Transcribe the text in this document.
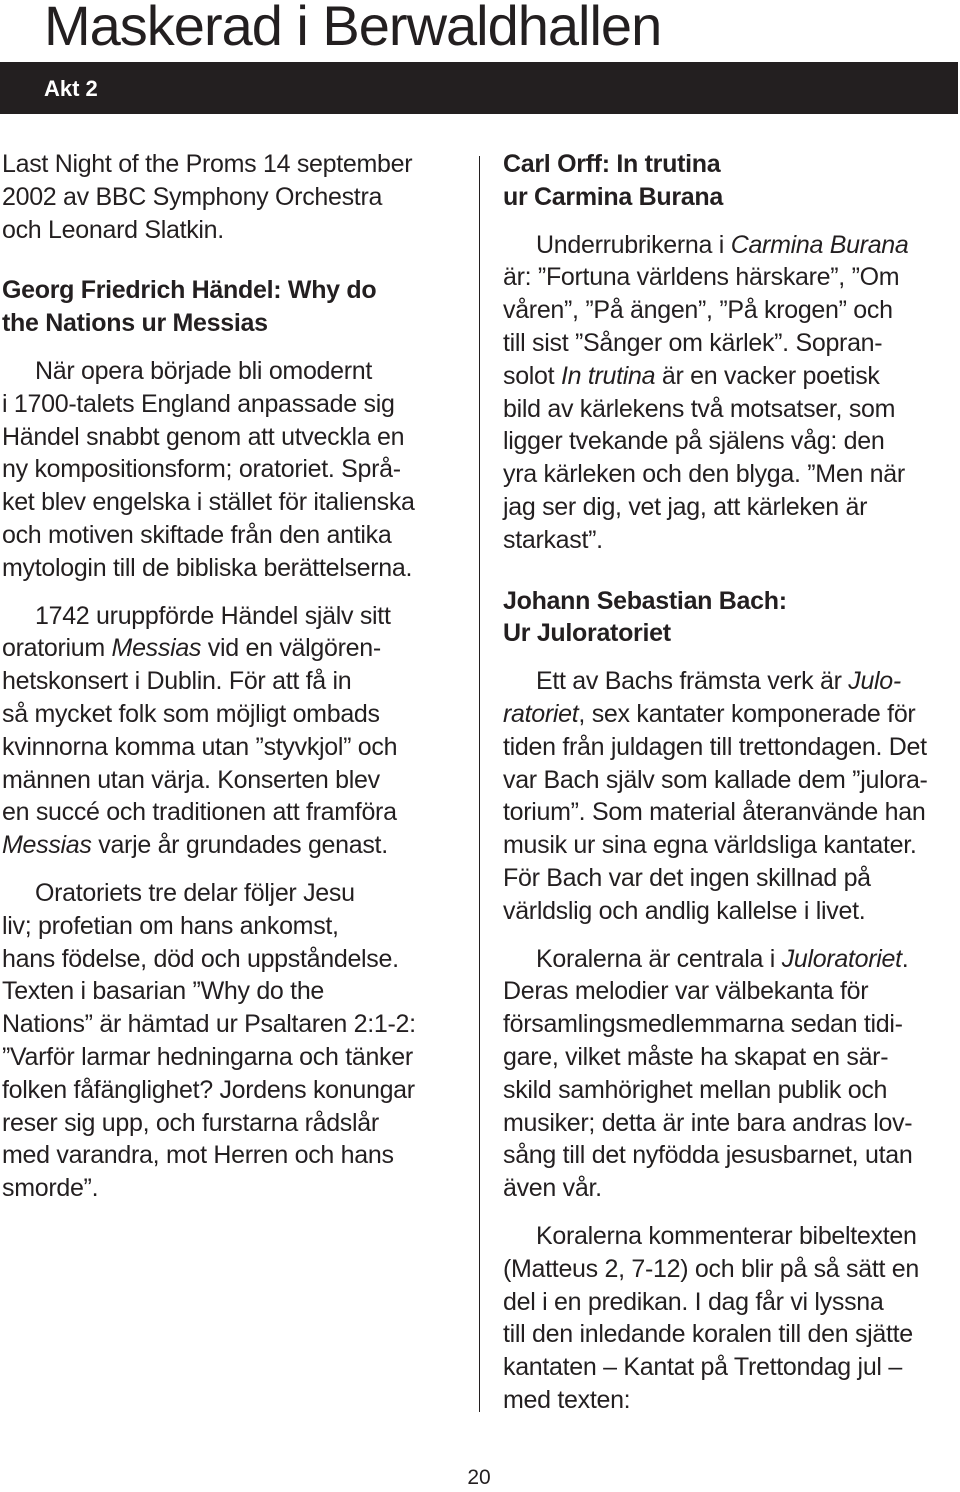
Maskerad i Berwaldhallen
Akt 2

Last Night of the Proms 14 september
2002 av BBC Symphony Orchestra
och Leonard Slatkin.

Georg Friedrich Händel: Why do
the Nations ur Messias

När opera började bli omodernt
i 1700-talets England anpassade sig
Händel snabbt genom att utveckla en
ny kompositionsform; oratoriet. Språ-
ket blev engelska i stället för italienska
och motiven skiftade från den antika
mytologin till de bibliska berättelserna.

1742 uruppförde Händel själv sitt
oratorium Messias vid en välgören-
hetskonsert i Dublin. För att få in
så mycket folk som möjligt ombads
kvinnorna komma utan ”styvkjol” och
männen utan värja. Konserten blev
en succé och traditionen att framföra
Messias varje år grundades genast.

Oratoriets tre delar följer Jesu
liv; profetian om hans ankomst,
hans födelse, död och uppståndelse.
Texten i basarian ”Why do the
Nations” är hämtad ur Psaltaren 2:1-2:
”Varför larmar hedningarna och tänker
folken fåfänglighet? Jordens konungar
reser sig upp, och furstarna rådslår
med varandra, mot Herren och hans
smorde”.

Carl Orff: In trutina
ur Carmina Burana

Underrubrikerna i Carmina Burana
är: ”Fortuna världens härskare”, ”Om
våren”, ”På ängen”, ”På krogen” och
till sist ”Sånger om kärlek”. Sopran-
solot In trutina är en vacker poetisk
bild av kärlekens två motsatser, som
ligger tvekande på själens våg: den
yra kärleken och den blyga. ”Men när
jag ser dig, vet jag, att kärleken är
starkast”.

Johann Sebastian Bach:
Ur Juloratoriet

Ett av Bachs främsta verk är Julo-
ratoriet, sex kantater komponerade för
tiden från juldagen till trettondagen. Det
var Bach själv som kallade dem ”julora-
torium”. Som material återanvände han
musik ur sina egna världsliga kantater.
För Bach var det ingen skillnad på
världslig och andlig kallelse i livet.

Koralerna är centrala i Juloratoriet.
Deras melodier var välbekanta för
församlingsmedlemmarna sedan tidi-
gare, vilket måste ha skapat en sär-
skild samhörighet mellan publik och
musiker; detta är inte bara andras lov-
sång till det nyfödda jesusbarnet, utan
även vår.

Koralerna kommenterar bibeltexten
(Matteus 2, 7-12) och blir på så sätt en
del i en predikan. I dag får vi lyssna
till den inledande koralen till den sjätte
kantaten – Kantat på Trettondag jul –
med texten:

20
